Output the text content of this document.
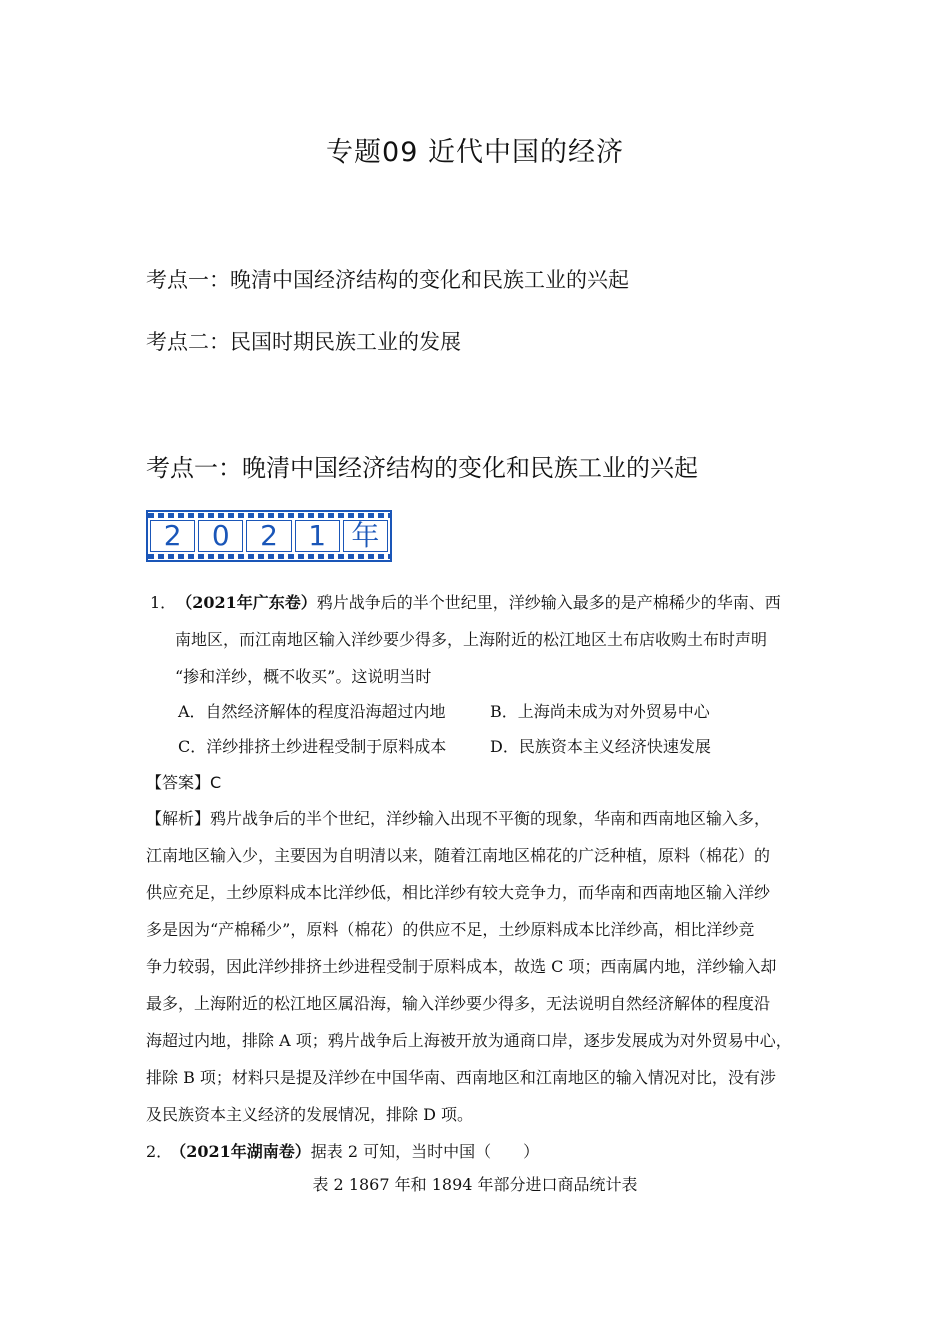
专题09 近代中国的经济
考点一：晚清中国经济结构的变化和民族工业的兴起
考点二：民国时期民族工业的发展
考点一：晚清中国经济结构的变化和民族工业的兴起
2	0	2	1 年
1． （2021年广东卷）鸦片战争后的半个世纪里，洋纱输入最多的是产棉稀少的华南、西
南地区，而江南地区输入洋纱要少得多，上海附近的松江地区土布店收购土布时声明
“掺和洋纱，概不收买”。这说明当时
A．自然经济解体的程度沿海超过内地	B．上海尚未成为对外贸易中心
C．洋纱排挤土纱进程受制于原料成本	D．民族资本主义经济快速发展
【答案】C
【解析】鸦片战争后的半个世纪，洋纱输入出现不平衡的现象，华南和西南地区输入多，
江南地区输入少，主要因为自明清以来，随着江南地区棉花的广泛种植，原料（棉花）的
供应充足，土纱原料成本比洋纱低，相比洋纱有较大竞争力，而华南和西南地区输入洋纱
多是因为“产棉稀少”，原料（棉花）的供应不足，土纱原料成本比洋纱高，相比洋纱竞
争力较弱，因此洋纱排挤土纱进程受制于原料成本，故选 C 项；西南属内地，洋纱输入却
最多，上海附近的松江地区属沿海，输入洋纱要少得多，无法说明自然经济解体的程度沿
海超过内地，排除 A 项；鸦片战争后上海被开放为通商口岸，逐步发展成为对外贸易中心，
排除 B 项；材料只是提及洋纱在中国华南、西南地区和江南地区的输入情况对比，没有涉
及民族资本主义经济的发展情况，排除 D 项。
2． （2021年湖南卷）据表 2 可知，当时中国（　　）
表 2 1867 年和 1894 年部分进口商品统计表
